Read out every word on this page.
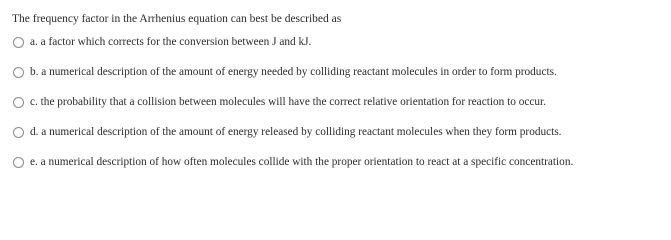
The frequency factor in the Arrhenius equation can best be described as

a. a factor which corrects for the conversion between J and kJ.
b. a numerical description of the amount of energy needed by colliding reactant molecules in order to form products.
c. the probability that a collision between molecules will have the correct relative orientation for reaction to occur.
d. a numerical description of the amount of energy released by colliding reactant molecules when they form products.
e. a numerical description of how often molecules collide with the proper orientation to react at a specific concentration.
